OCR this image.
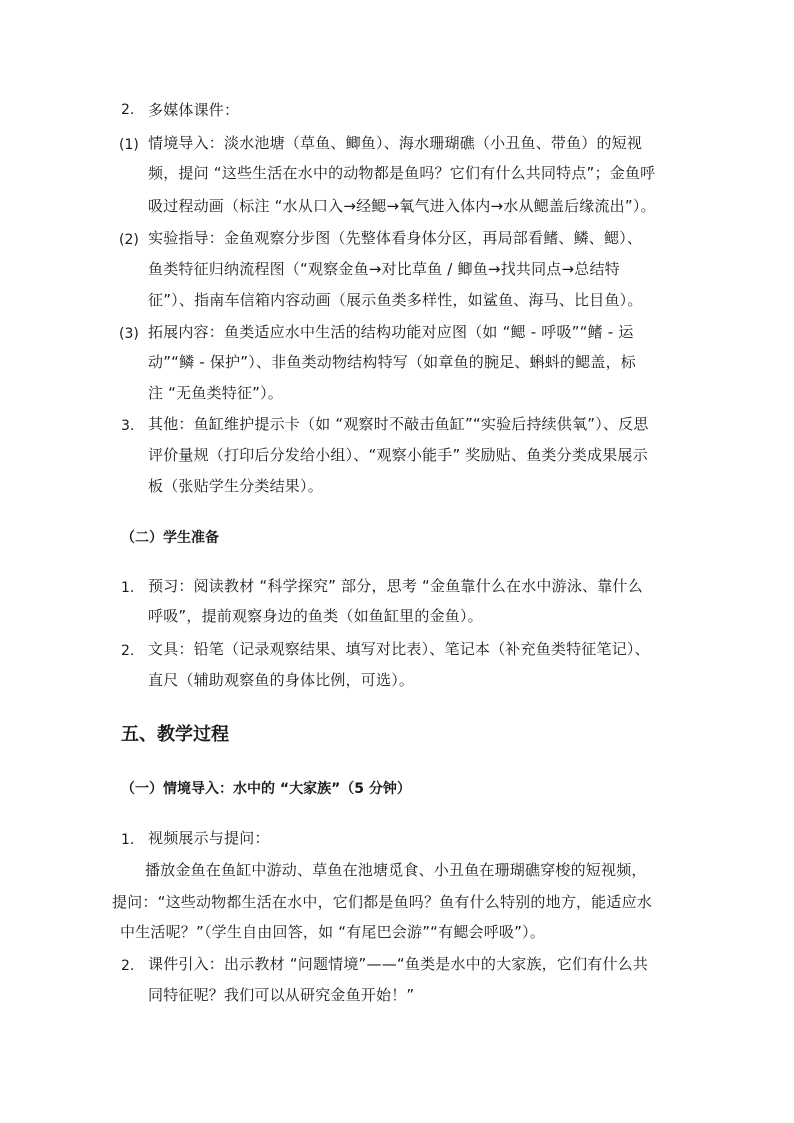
2. 多媒体课件：
(1) 情境导入：淡水池塘（草鱼、鲫鱼）、海水珊瑚礁（小丑鱼、带鱼）的短视
频，提问 “这些生活在水中的动物都是鱼吗？它们有什么共同特点”；金鱼呼
吸过程动画（标注 “水从口入→经鳃→氧气进入体内→水从鳃盖后缘流出”）。
(2) 实验指导：金鱼观察分步图（先整体看身体分区，再局部看鳍、鳞、鳃）、
鱼类特征归纳流程图（“观察金鱼→对比草鱼 / 鲫鱼→找共同点→总结特
征”）、指南车信箱内容动画（展示鱼类多样性，如鲨鱼、海马、比目鱼）。
(3) 拓展内容：鱼类适应水中生活的结构功能对应图（如 “鳃 - 呼吸”“鳍 - 运
动”“鳞 - 保护”）、非鱼类动物结构特写（如章鱼的腕足、蝌蚪的鳃盖，标
注 “无鱼类特征”）。
3. 其他：鱼缸维护提示卡（如 “观察时不敲击鱼缸”“实验后持续供氧”）、反思
评价量规（打印后分发给小组）、“观察小能手” 奖励贴、鱼类分类成果展示
板（张贴学生分类结果）。
（二）学生准备
1. 预习：阅读教材 “科学探究” 部分，思考 “金鱼靠什么在水中游泳、靠什么
呼吸”，提前观察身边的鱼类（如鱼缸里的金鱼）。
2. 文具：铅笔（记录观察结果、填写对比表）、笔记本（补充鱼类特征笔记）、
直尺（辅助观察鱼的身体比例，可选）。
五、教学过程
（一）情境导入：水中的 “大家族”（5 分钟）
1. 视频展示与提问：
播放金鱼在鱼缸中游动、草鱼在池塘觅食、小丑鱼在珊瑚礁穿梭的短视频，
提问：“这些动物都生活在水中，它们都是鱼吗？鱼有什么特别的地方，能适应水
中生活呢？”（学生自由回答，如 “有尾巴会游”“有鳃会呼吸”）。
2. 课件引入：出示教材 “问题情境”——“鱼类是水中的大家族，它们有什么共
同特征呢？我们可以从研究金鱼开始！”
